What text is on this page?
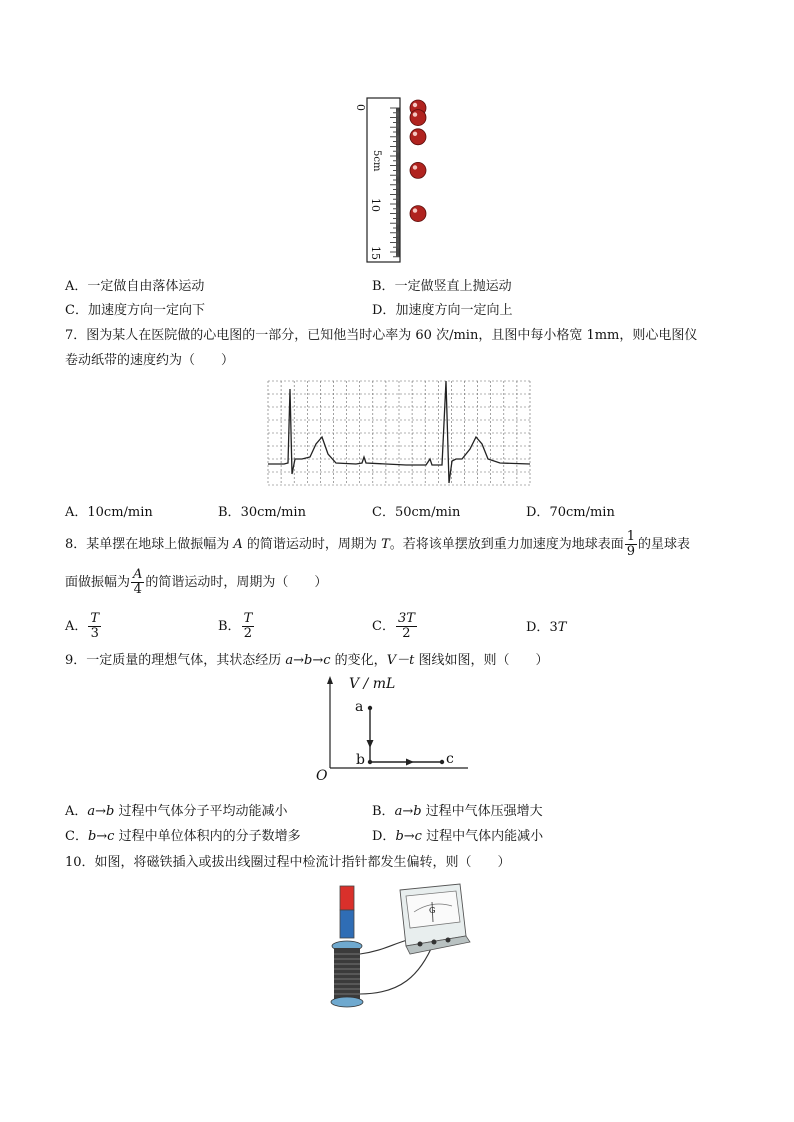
0
5cm
10
15
A．一定做自由落体运动	B．一定做竖直上抛运动
C．加速度方向一定向下	D．加速度方向一定向上
7．图为某人在医院做的心电图的一部分，已知他当时心率为 60 次/min，且图中每小格宽 1mm，则心电图仪
卷动纸带的速度约为（　　）
A．10cm/min	B．30cm/min	C．50cm/min	D．70cm/min
8．某单摆在地球上做振幅为 A 的简谐运动时，周期为 T。若将该单摆放到重力加速度为地球表面 $\frac{1}{9}$ 的星球表
面做振幅为 $\frac{A}{4}$ 的简谐运动时，周期为（　　）
A． $\frac{T}{3}$	B． $\frac{T}{2}$	C． $\frac{3T}{2}$	D．3T
9．一定质量的理想气体，其状态经历 a→b→c 的变化，V－t 图线如图，则（　　）
V / mL
O
a
b	c
A．a→b 过程中气体分子平均动能减小	B．a→b 过程中气体压强增大
C．b→c 过程中单位体积内的分子数增多	D．b→c 过程中气体内能减小
10．如图，将磁铁插入或拔出线圈过程中检流计指针都发生偏转，则（　　）
G
